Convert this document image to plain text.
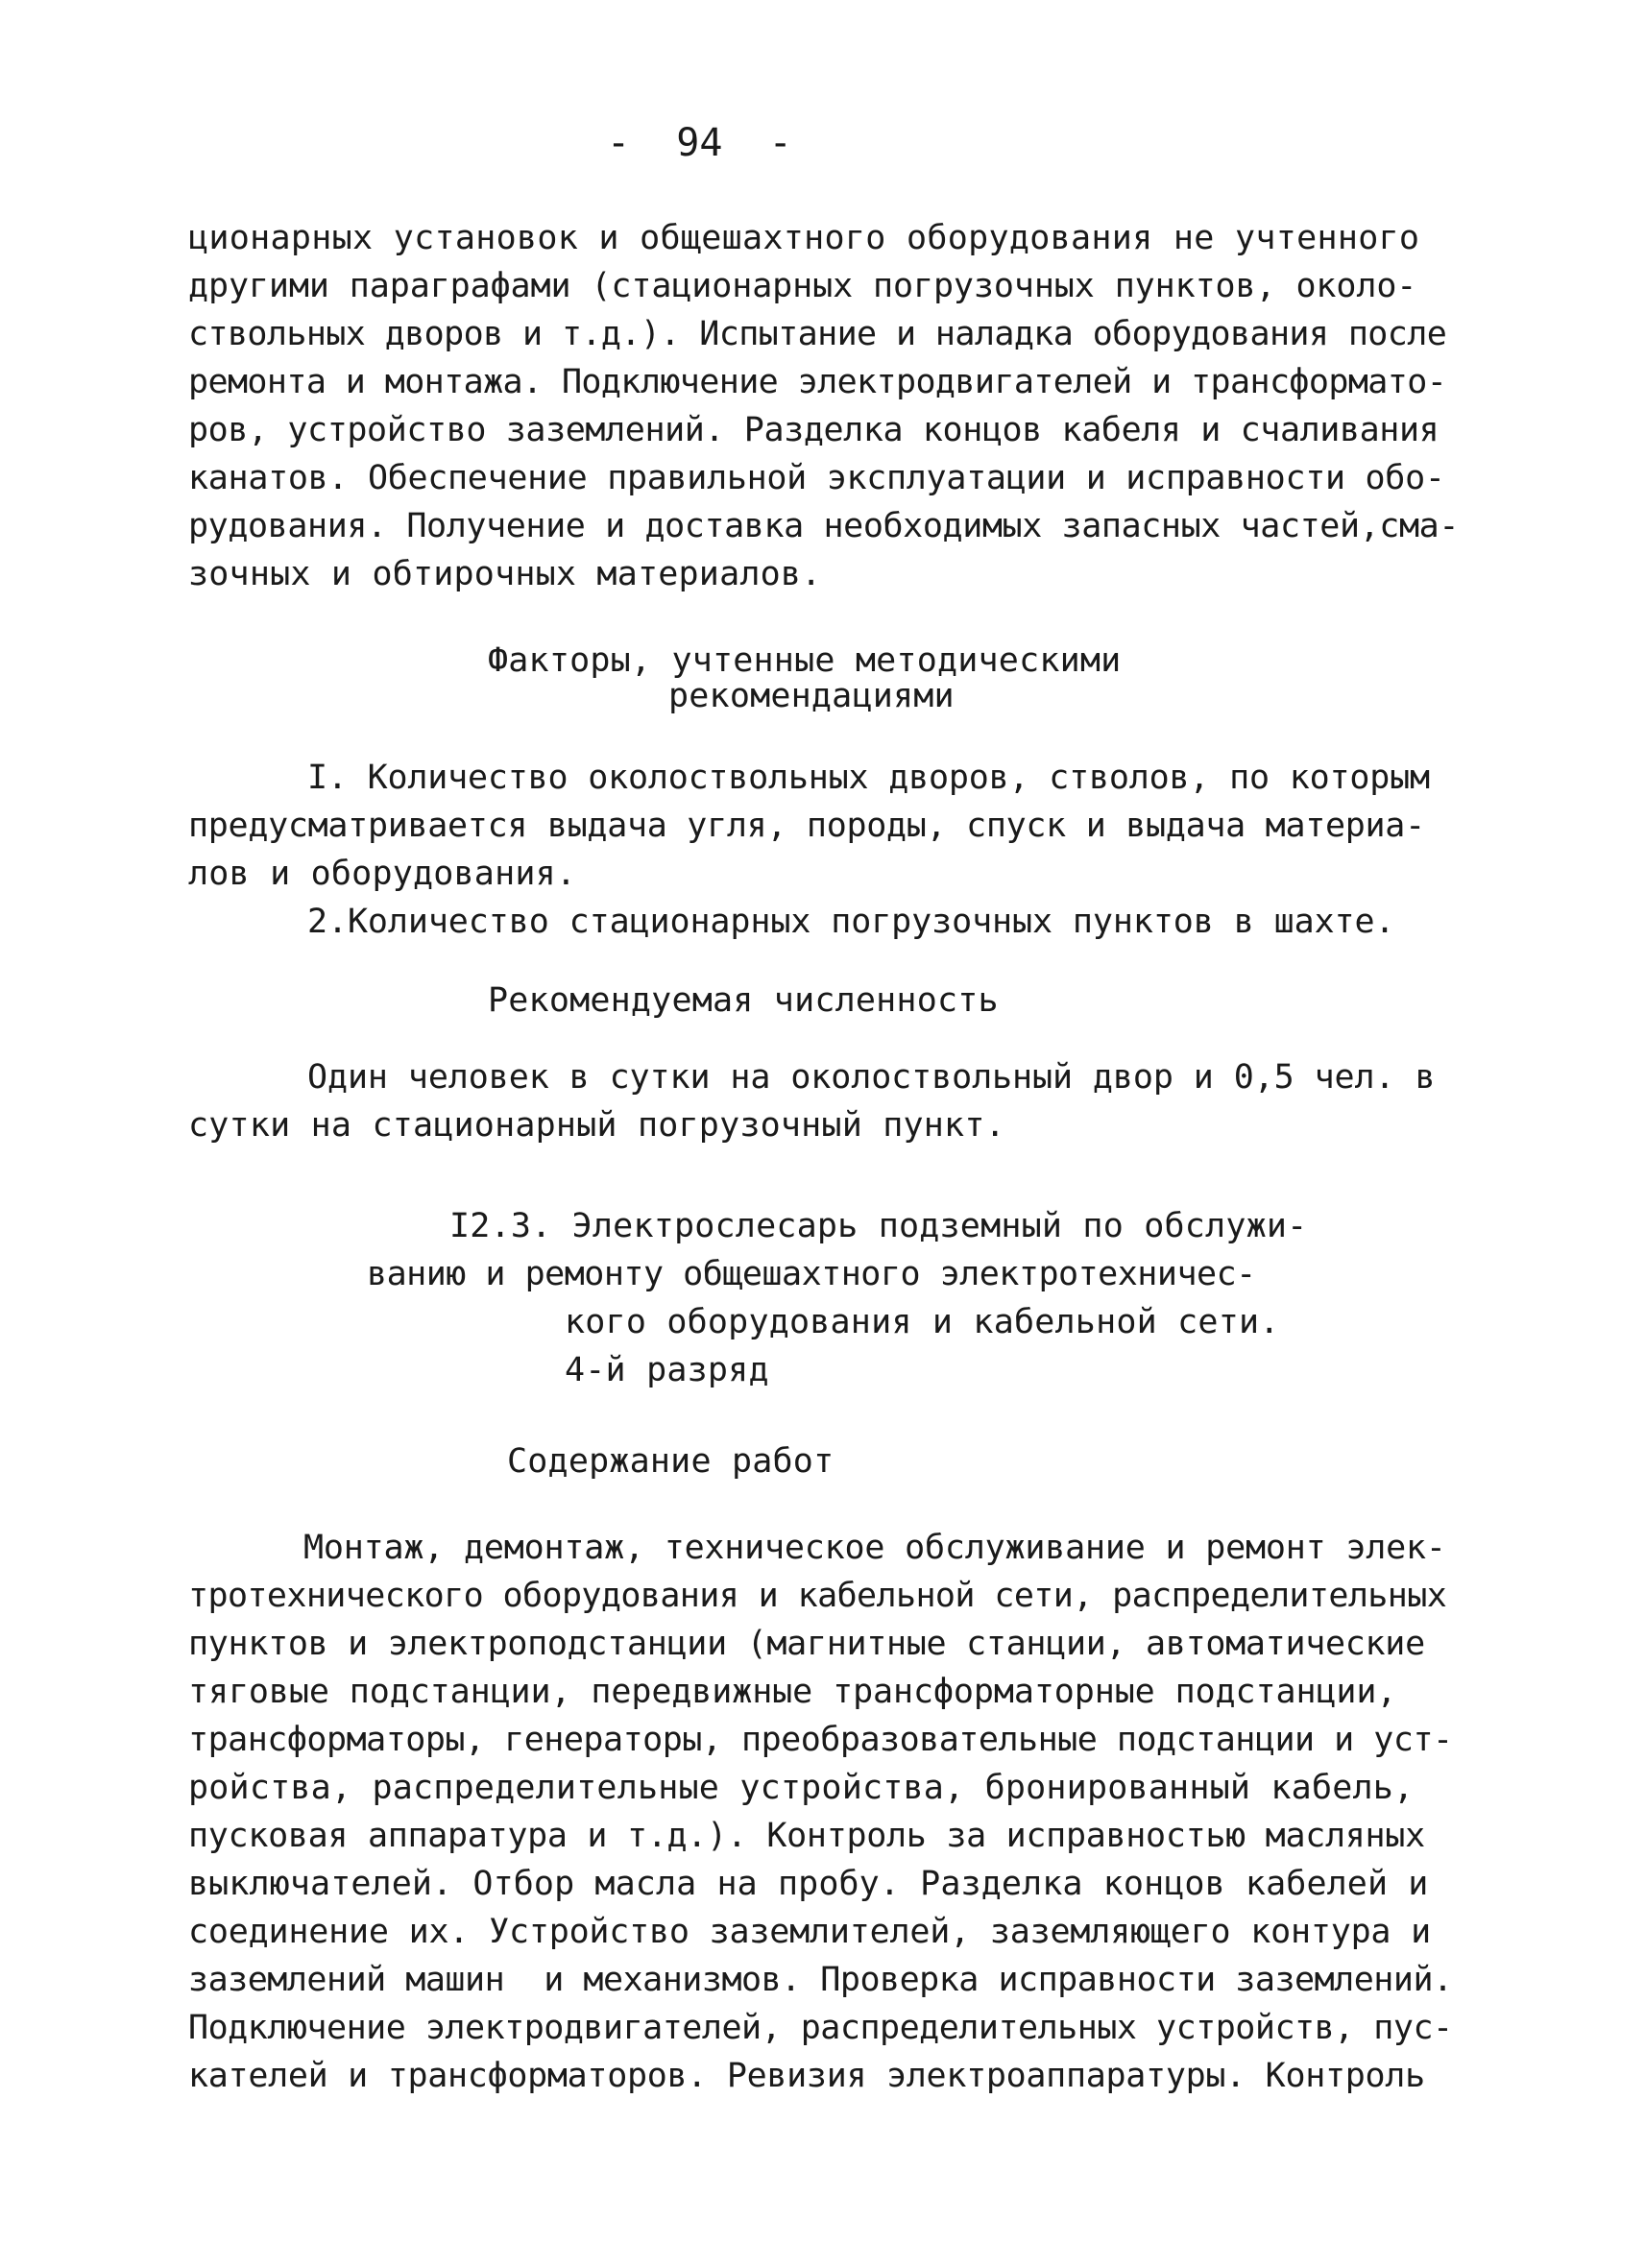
-  94  -
ционарных установок и общешахтного оборудования не учтенного
другими параграфами (стационарных погрузочных пунктов, около-
ствольных дворов и т.д.). Испытание и наладка оборудования после
ремонта и монтажа. Подключение электродвигателей и трансформато-
ров, устройство заземлений. Разделка концов кабеля и счаливания
канатов. Обеспечение правильной эксплуатации и исправности обо-
рудования. Получение и доставка необходимых запасных частей,сма-
зочных и обтирочных материалов.
Факторы, учтенные методическими
рекомендациями
I. Количество околоствольных дворов, стволов, по которым
предусматривается выдача угля, породы, спуск и выдача материа-
лов и оборудования.
2.Количество стационарных погрузочных пунктов в шахте.
Рекомендуемая численность
Один человек в сутки на околоствольный двор и 0,5 чел. в
сутки на стационарный погрузочный пункт.
I2.3. Электрослесарь подземный по обслужи-
ванию и ремонту общешахтного электротехничес-
кого оборудования и кабельной сети.
4-й разряд
Содержание работ
Монтаж, демонтаж, техническое обслуживание и ремонт элек-
тротехнического оборудования и кабельной сети, распределительных
пунктов и электроподстанции (магнитные станции, автоматические
тяговые подстанции, передвижные трансформаторные подстанции,
трансформаторы, генераторы, преобразовательные подстанции и уст-
ройства, распределительные устройства, бронированный кабель,
пусковая аппаратура и т.д.). Контроль за исправностью масляных
выключателей. Отбор масла на пробу. Разделка концов кабелей и
соединение их. Устройство заземлителей, заземляющего контура и
заземлений машин  и механизмов. Проверка исправности заземлений.
Подключение электродвигателей, распределительных устройств, пус-
кателей и трансформаторов. Ревизия электроаппаратуры. Контроль
